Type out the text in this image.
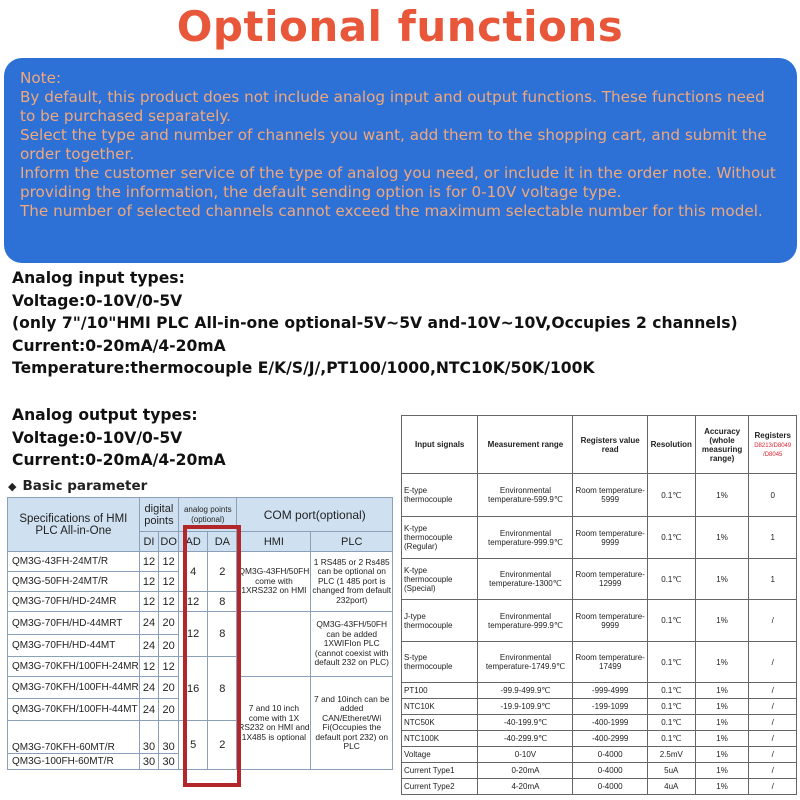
Optional functions

Note:

By default, this product does not include analog input and output functions. These functions need to be purchased separately.

Select the type and number of channels you want, add them to the shopping cart, and submit the order together.

Inform the customer service of the type of analog you need, or include it in the order note. Without providing the information, the default sending option is for 0-10V voltage type.

The number of selected channels cannot exceed the maximum selectable number for this model.

Analog input types:
Voltage:0-10V/0-5V
(only 7"/10"HMI PLC All-in-one optional-5V~5V and-10V~10V,Occupies 2 channels)
Current:0-20mA/4-20mA
Temperature:thermocouple E/K/S/J/,PT100/1000,NTC10K/50K/100K
Analog output types:
Voltage:0-10V/0-5V
Current:0-20mA/4-20mA
◆ Basic parameter
Specifications of HMI PLC All-in-One	digital points		analog points (optional)		COM port(optional)	
	DI	DO	AD	DA	HMI	PLC
QM3G-43FH-24MT/R	12	12	4	2	QM3G-43FH/50FH come with 1XRS232 on HMI	1 RS485 or 2 Rs485 can be optional on PLC (1 485 port is changed from default 232port)
QM3G-50FH-24MT/R	12	12				
QM3G-70FH/HD-24MR	12	12	12	8		
QM3G-70FH/HD-44MRT	24	20	12	8		QM3G-43FH/50FH can be added 1XWIFIon PLC (cannot coexist with default 232 on PLC)
QM3G-70FH/HD-44MT	24	20				
QM3G-70KFH/100FH-24MR	12	12	16	8		
QM3G-70KFH/100FH-44MR	24	20			7 and 10 inch come with 1X RS232 on HMI and 1X485 is optional	7 and 10inch can be added CAN/Etheret/Wi Fi(Occupies the default port 232) on PLC
QM3G-70KFH/100FH-44MT	24	20				
QM3G-70KFH-60MT/R	30	30	5	2		
QM3G-100FH-60MT/R	30	30				
Input signals	Measurement range	Registers value read	Resolution	Accuracy (whole measuring range)	Registers
D8213/D8049 /D8045
E-type thermocouple	Environmental temperature-599.9℃	Room temperature-5999	0.1℃	1%	0
K-type thermocouple (Regular)	Environmental temperature-999.9℃	Room temperature-9999	0.1℃	1%	1
K-type thermocouple (Special)	Environmental temperature-1300℃	Room temperature-12999	0.1℃	1%	1
J-type thermocouple	Environmental temperature-999.9℃	Room temperature-9999	0.1℃	1%	/
S-type thermocouple	Environmental temperature-1749.9℃	Room temperature-17499	0.1℃	1%	/
PT100	-99.9-499.9℃	-999-4999	0.1℃	1%	/
NTC10K	-19.9-109.9℃	-199-1099	0.1℃	1%	/
NTC50K	-40-199.9℃	-400-1999	0.1℃	1%	/
NTC100K	-40-299.9℃	-400-2999	0.1℃	1%	/
Voltage	0-10V	0-4000	2.5mV	1%	/
Current Type1	0-20mA	0-4000	5uA	1%	/
Current Type2	4-20mA	0-4000	4uA	1%	/
